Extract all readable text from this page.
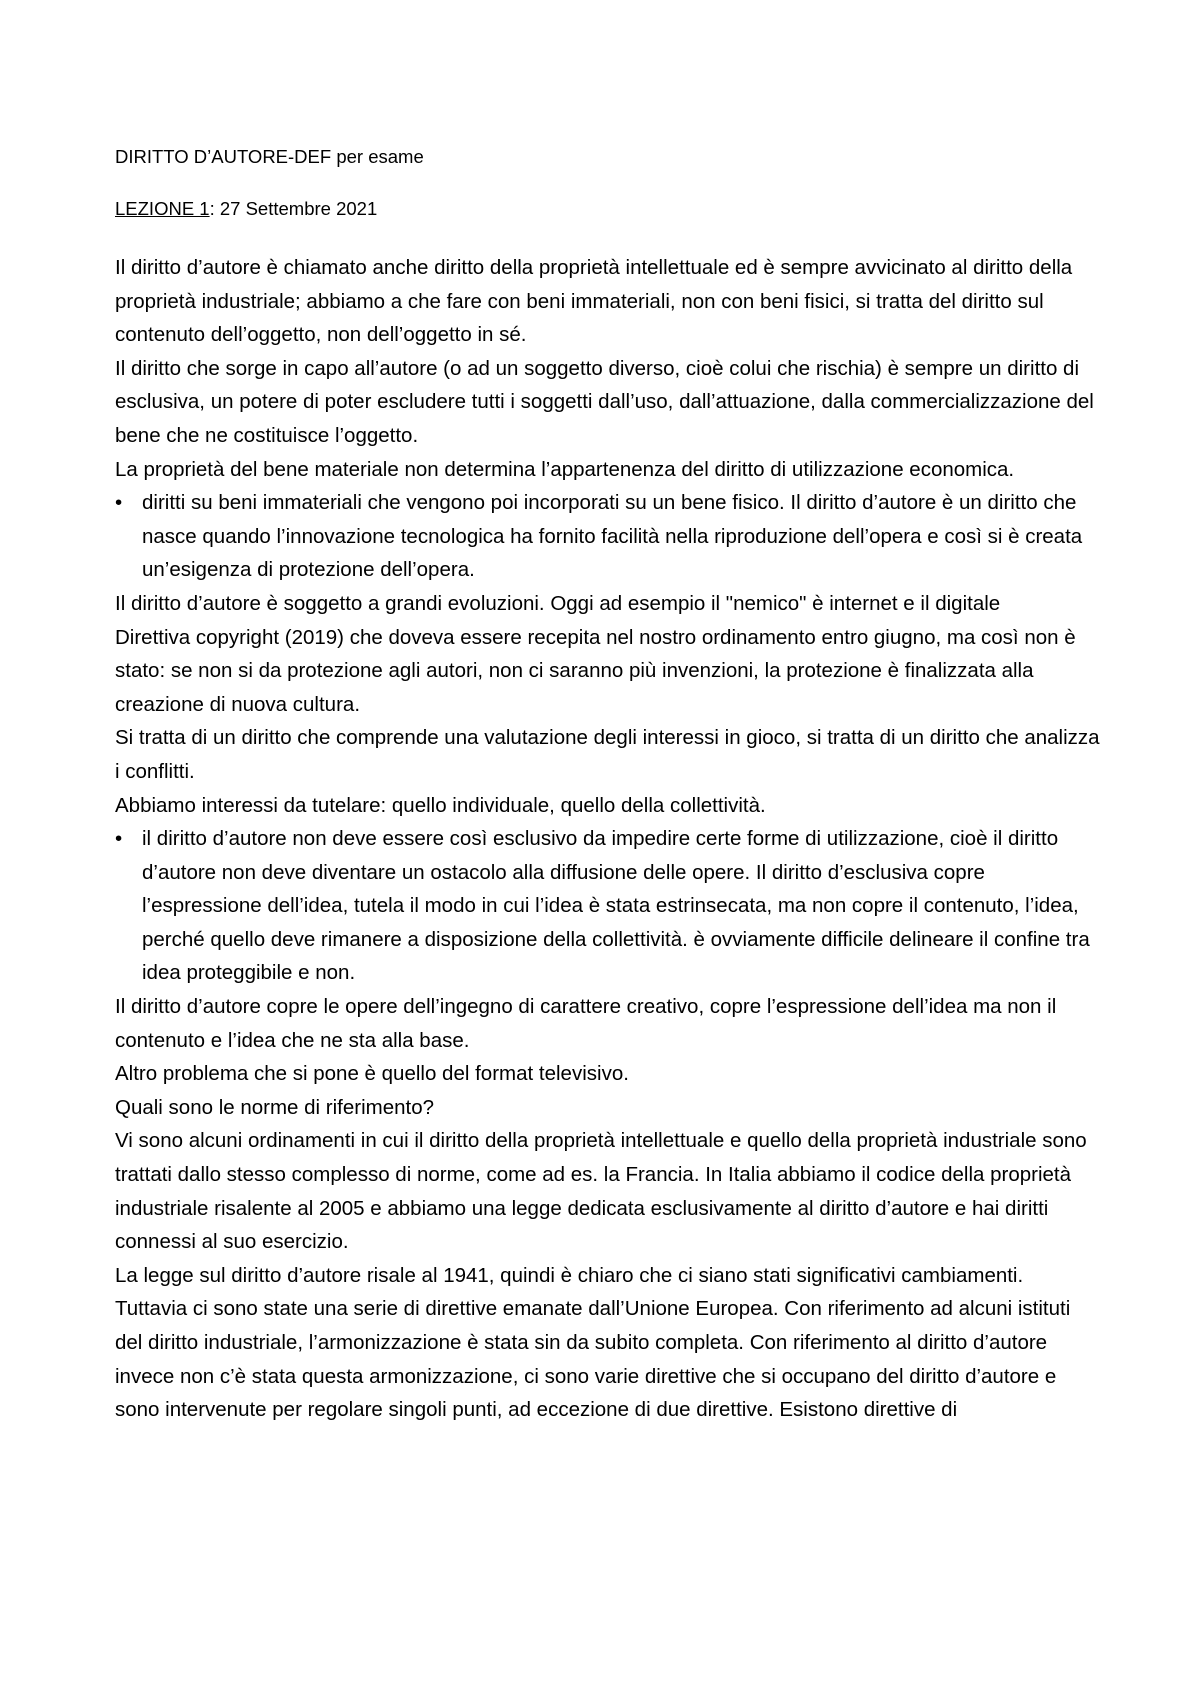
DIRITTO D’AUTORE-DEF per esame
LEZIONE 1: 27 Settembre 2021

Il diritto d’autore è chiamato anche diritto della proprietà intellettuale ed è sempre avvicinato al diritto della proprietà industriale; abbiamo a che fare con beni immateriali, non con beni fisici, si tratta del diritto sul contenuto dell’oggetto, non dell’oggetto in sé.

Il diritto che sorge in capo all’autore (o ad un soggetto diverso, cioè colui che rischia) è sempre un diritto di esclusiva, un potere di poter escludere tutti i soggetti dall’uso, dall’attuazione, dalla commercializzazione del bene che ne costituisce l’oggetto.

La proprietà del bene materiale non determina l’appartenenza del diritto di utilizzazione economica.

• diritti su beni immateriali che vengono poi incorporati su un bene fisico. Il diritto d’autore è un diritto che nasce quando l’innovazione tecnologica ha fornito facilità nella riproduzione dell’opera e così si è creata un’esigenza di protezione dell’opera.

Il diritto d’autore è soggetto a grandi evoluzioni. Oggi ad esempio il "nemico" è internet e il digitale

Direttiva copyright (2019) che doveva essere recepita nel nostro ordinamento entro giugno, ma così non è stato: se non si da protezione agli autori, non ci saranno più invenzioni, la protezione è finalizzata alla creazione di nuova cultura.

Si tratta di un diritto che comprende una valutazione degli interessi in gioco, si tratta di un diritto che analizza i conflitti.

Abbiamo interessi da tutelare: quello individuale, quello della collettività.

• il diritto d’autore non deve essere così esclusivo da impedire certe forme di utilizzazione, cioè il diritto d’autore non deve diventare un ostacolo alla diffusione delle opere. Il diritto d’esclusiva copre l’espressione dell’idea, tutela il modo in cui l’idea è stata estrinsecata, ma non copre il contenuto, l’idea, perché quello deve rimanere a disposizione della collettività. è ovviamente difficile delineare il confine tra idea proteggibile e non.

Il diritto d’autore copre le opere dell’ingegno di carattere creativo, copre l’espressione dell’idea ma non il contenuto e l’idea che ne sta alla base.

Altro problema che si pone è quello del format televisivo.

Quali sono le norme di riferimento?

Vi sono alcuni ordinamenti in cui il diritto della proprietà intellettuale e quello della proprietà industriale sono trattati dallo stesso complesso di norme, come ad es. la Francia. In Italia abbiamo il codice della proprietà industriale risalente al 2005 e abbiamo una legge dedicata esclusivamente al diritto d’autore e hai diritti connessi al suo esercizio.

La legge sul diritto d’autore risale al 1941, quindi è chiaro che ci siano stati significativi cambiamenti. Tuttavia ci sono state una serie di direttive emanate dall’Unione Europea. Con riferimento ad alcuni istituti del diritto industriale, l’armonizzazione è stata sin da subito completa. Con riferimento al diritto d’autore invece non c’è stata questa armonizzazione, ci sono varie direttive che si occupano del diritto d’autore e sono intervenute per regolare singoli punti, ad eccezione di due direttive. Esistono direttive di
